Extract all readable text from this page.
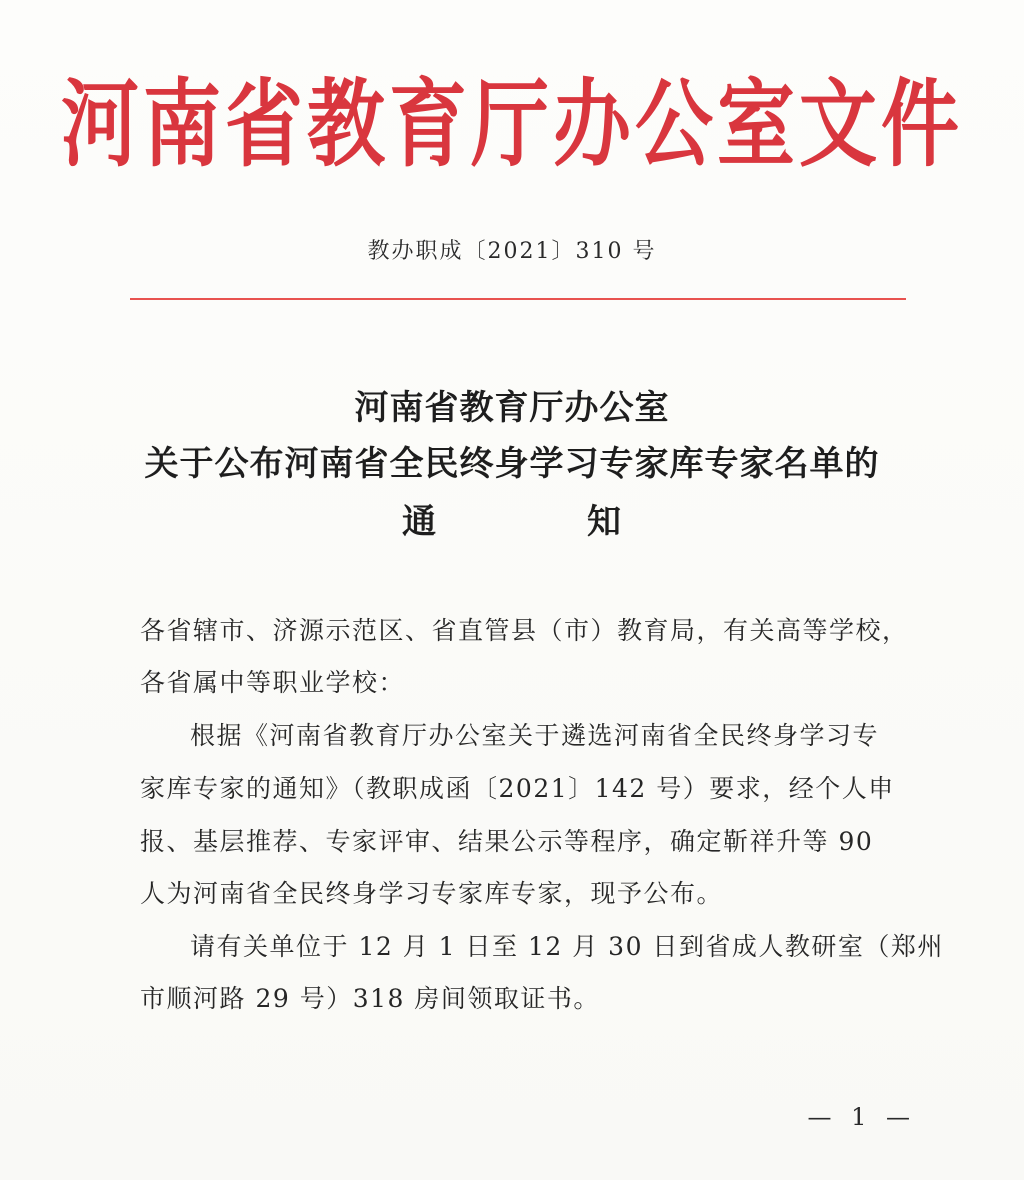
河南省教育厅办公室文件
教办职成〔2021〕310 号
河南省教育厅办公室
关于公布河南省全民终身学习专家库专家名单的
通	知
各省辖市、济源示范区、省直管县（市）教育局，有关高等学校，
各省属中等职业学校：
根据《河南省教育厅办公室关于遴选河南省全民终身学习专
家库专家的通知》（教职成函〔2021〕142 号）要求，经个人申
报、基层推荐、专家评审、结果公示等程序，确定靳祥升等 90
人为河南省全民终身学习专家库专家，现予公布。
请有关单位于 12 月 1 日至 12 月 30 日到省成人教研室（郑州
市顺河路 29 号）318 房间领取证书。
— 1 —
